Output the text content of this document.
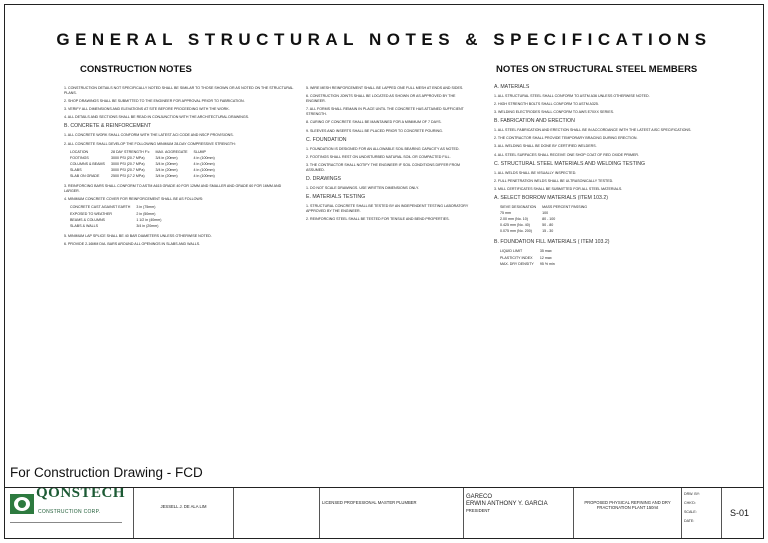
GENERAL STRUCTURAL NOTES & SPECIFICATIONS
CONSTRUCTION NOTES	NOTES ON STRUCTURAL STEEL MEMBERS

1. CONSTRUCTION DETAILS NOT SPECIFICALLY NOTED SHALL BE SIMILAR TO THOSE SHOWN OR AS NOTED ON THE STRUCTURAL PLANS.

2. SHOP DRAWINGS SHALL BE SUBMITTED TO THE ENGINEER FOR APPROVAL PRIOR TO FABRICATION.

3. VERIFY ALL DIMENSIONS AND ELEVATIONS AT SITE BEFORE PROCEEDING WITH THE WORK.

4. ALL DETAILS AND SECTIONS SHALL BE READ IN CONJUNCTION WITH THE ARCHITECTURAL DRAWINGS.

B. CONCRETE & REINFORCEMENT

1. ALL CONCRETE WORK SHALL CONFORM WITH THE LATEST ACI CODE AND NSCP PROVISIONS.

2. ALL CONCRETE SHALL DEVELOP THE FOLLOWING MINIMUM 28-DAY COMPRESSIVE STRENGTH:

LOCATION	28 DAY STRENGTH F'c	MAX. AGGREGATE	SLUMP
FOOTINGS	3000 PSI (20.7 MPa)	3/4 in (20mm)	4 in (100mm)
COLUMNS & BEAMS	3000 PSI (20.7 MPa)	3/4 in (20mm)	4 in (100mm)
SLABS	3000 PSI (20.7 MPa)	3/4 in (20mm)	4 in (100mm)
SLAB ON GRADE	2500 PSI (17.2 MPa)	3/4 in (20mm)	4 in (100mm)

3. REINFORCING BARS SHALL CONFORM TO ASTM A615 GRADE 40 FOR 12MM AND SMALLER AND GRADE 60 FOR 16MM AND LARGER.

4. MINIMUM CONCRETE COVER FOR REINFORCEMENT SHALL BE AS FOLLOWS:

CONCRETE CAST AGAINST EARTH	3 in (75mm)
EXPOSED TO WEATHER	2 in (50mm)
BEAMS & COLUMNS	1 1/2 in (40mm)
SLABS & WALLS	3/4 in (20mm)

5. MINIMUM LAP SPLICE SHALL BE 40 BAR DIAMETERS UNLESS OTHERWISE NOTED.

6. PROVIDE 2-16MM DIA. BARS AROUND ALL OPENINGS IN SLABS AND WALLS.

5. WIRE MESH REINFORCEMENT SHALL BE LAPPED ONE FULL MESH AT ENDS AND SIDES.

6. CONSTRUCTION JOINTS SHALL BE LOCATED AS SHOWN OR AS APPROVED BY THE ENGINEER.

7. ALL FORMS SHALL REMAIN IN PLACE UNTIL THE CONCRETE HAS ATTAINED SUFFICIENT STRENGTH.

8. CURING OF CONCRETE SHALL BE MAINTAINED FOR A MINIMUM OF 7 DAYS.

9. SLEEVES AND INSERTS SHALL BE PLACED PRIOR TO CONCRETE POURING.

C. FOUNDATION

1. FOUNDATION IS DESIGNED FOR AN ALLOWABLE SOIL BEARING CAPACITY AS NOTED.

2. FOOTINGS SHALL REST ON UNDISTURBED NATURAL SOIL OR COMPACTED FILL.

3. THE CONTRACTOR SHALL NOTIFY THE ENGINEER IF SOIL CONDITIONS DIFFER FROM ASSUMED.

D. DRAWINGS

1. DO NOT SCALE DRAWINGS. USE WRITTEN DIMENSIONS ONLY.

E. MATERIALS TESTING

1. STRUCTURAL CONCRETE SHALL BE TESTED BY AN INDEPENDENT TESTING LABORATORY APPROVED BY THE ENGINEER.

2. REINFORCING STEEL SHALL BE TESTED FOR TENSILE AND BEND PROPERTIES.

A. MATERIALS

1. ALL STRUCTURAL STEEL SHALL CONFORM TO ASTM A36 UNLESS OTHERWISE NOTED.

2. HIGH STRENGTH BOLTS SHALL CONFORM TO ASTM A325.

3. WELDING ELECTRODES SHALL CONFORM TO AWS E70XX SERIES.

B. FABRICATION AND ERECTION

1. ALL STEEL FABRICATION AND ERECTION SHALL BE IN ACCORDANCE WITH THE LATEST AISC SPECIFICATIONS.

2. THE CONTRACTOR SHALL PROVIDE TEMPORARY BRACING DURING ERECTION.

3. ALL WELDING SHALL BE DONE BY CERTIFIED WELDERS.

4. ALL STEEL SURFACES SHALL RECEIVE ONE SHOP COAT OF RED OXIDE PRIMER.

C. STRUCTURAL STEEL MATERIALS AND WELDING TESTING

1. ALL WELDS SHALL BE VISUALLY INSPECTED.

2. FULL PENETRATION WELDS SHALL BE ULTRASONICALLY TESTED.

3. MILL CERTIFICATES SHALL BE SUBMITTED FOR ALL STEEL MATERIALS.

A. SELECT BORROW MATERIALS (ITEM 103.2)
SIEVE DESIGNATION	MASS PERCENT PASSING
75 mm	100
2.00 mm (No. 10)	80 - 100
0.425 mm (No. 40)	50 - 80
0.075 mm (No. 200)	15 - 30
B. FOUNDATION FILL MATERIALS ( ITEM 103.2)
LIQUID LIMIT	35 max
PLASTICITY INDEX	12 max
MAX. DRY DENSITY	95 % min
For Construction Drawing - FCD
QONSTECH
CONSTRUCTION CORP.
JESSELL J. DE ALA LIM
LICENSED PROFESSIONAL MASTER PLUMBER
GARECO
ERWIN ANTHONY Y. GARCIA
PRESIDENT
PROPOSED PHYSICAL REFINING AND DRY FRACTIONATION PLANT 150mt
DRW. BY:
CHK'D:
SCALE:
DATE:
S-01
